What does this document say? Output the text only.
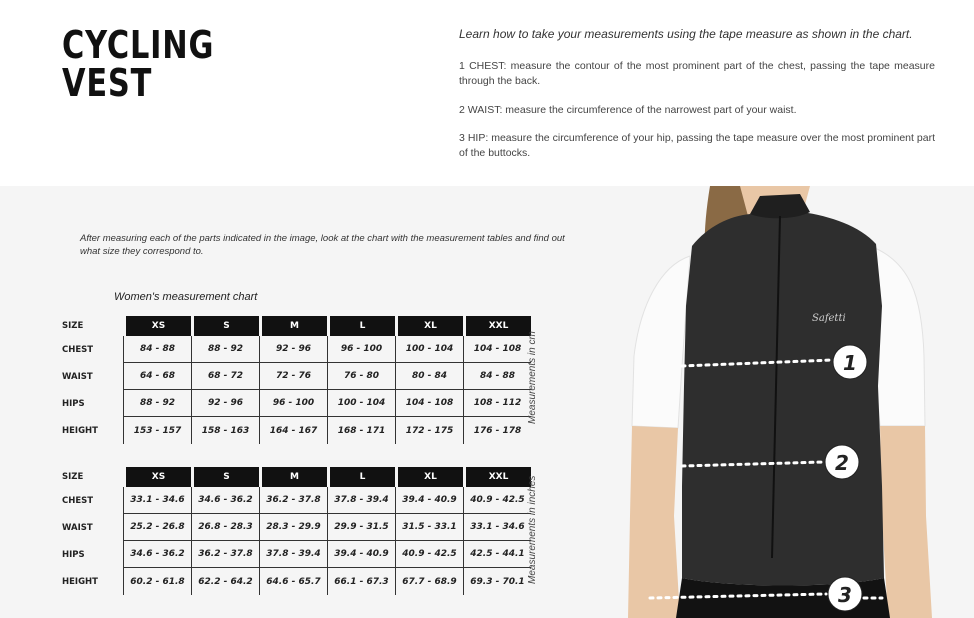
CYCLING
VEST
Learn how to take your measurements using the tape measure as shown in the chart.
1 CHEST: measure the contour of the most prominent part of the chest, passing the tape measure through the back.
2 WAIST: measure the circumference of the narrowest part of your waist.
3 HIP: measure the circumference of your hip, passing the tape measure over the most prominent part of the buttocks.
After measuring each of the parts indicated in the image, look at the chart with the measurement tables and find out what size they correspond to.
Women's measurement chart
SIZE	XS	S	M	L	XL	XXL
CHEST	84 - 88	88 - 92	92 - 96	96 - 100	100 - 104	104 - 108
WAIST	64 - 68	68 - 72	72 - 76	76 - 80	80 - 84	84 - 88
HIPS	88 - 92	92 - 96	96 - 100	100 - 104	104 - 108	108 - 112
HEIGHT	153 - 157	158 - 163	164 - 167	168 - 171	172 - 175	176 - 178
Measurements in cm
SIZE	XS	S	M	L	XL	XXL
CHEST	33.1 - 34.6	34.6 - 36.2	36.2 - 37.8	37.8 - 39.4	39.4 - 40.9	40.9 - 42.5
WAIST	25.2 - 26.8	26.8 - 28.3	28.3 - 29.9	29.9 - 31.5	31.5 - 33.1	33.1 - 34.6
HIPS	34.6 - 36.2	36.2 - 37.8	37.8 - 39.4	39.4 - 40.9	40.9 - 42.5	42.5 - 44.1
HEIGHT	60.2 - 61.8	62.2 - 64.2	64.6 - 65.7	66.1 - 67.3	67.7 - 68.9	69.3 - 70.1 Measurements in inches
Safetti
1
2
3
